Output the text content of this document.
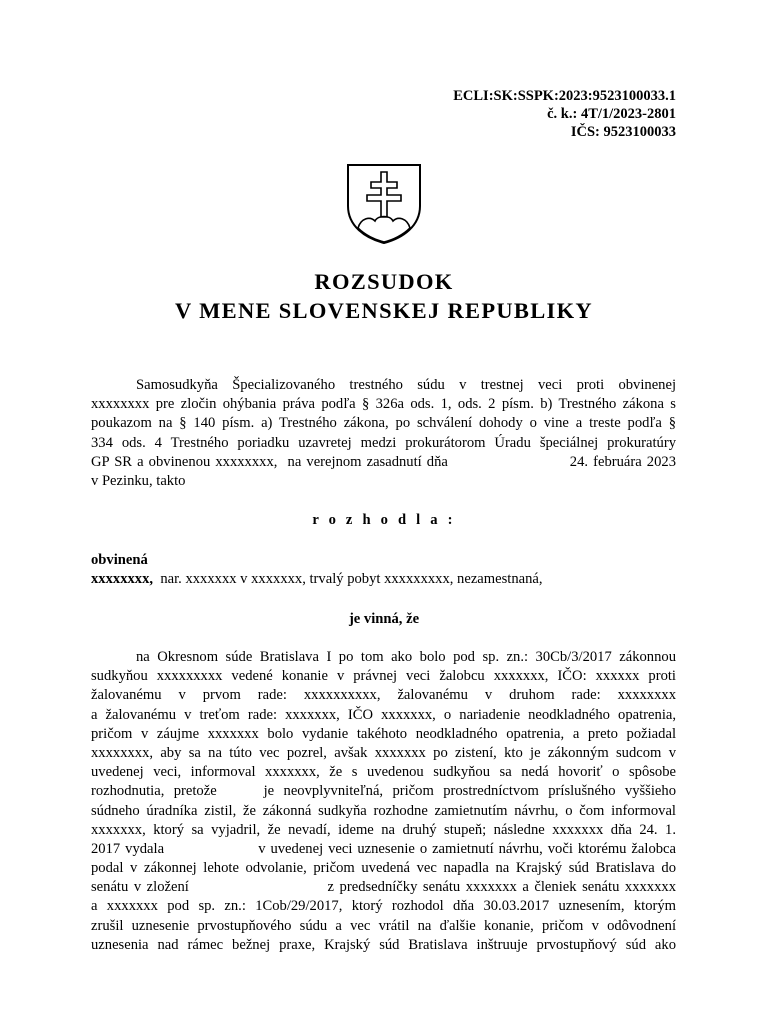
ECLI:SK:SSPK:2023:9523100033.1
č. k.: 4T/1/2023-2801
IČS: 9523100033
ROZSUDOK
V MENE SLOVENSKEJ REPUBLIKY
Samosudkyňa Špecializovaného trestného súdu v trestnej veci proti obvinenej
xxxxxxxx pre zločin ohýbania práva podľa § 326a ods. 1, ods. 2 písm. b) Trestného zákona s
poukazom na § 140 písm. a) Trestného zákona, po schválení dohody o vine a treste podľa §
334 ods. 4 Trestného poriadku uzavretej medzi prokurátorom Úradu špeciálnej prokuratúry
GP SR a obvinenou xxxxxxxx,  na verejnom zasadnutí dňa                        24. februára 2023
v Pezinku, takto
r o z h o d l a :
obvinená
xxxxxxxx,  nar. xxxxxxx v xxxxxxx, trvalý pobyt xxxxxxxxx, nezamestnaná,
je vinná, že
na Okresnom súde Bratislava I po tom ako bolo pod sp. zn.: 30Cb/3/2017 zákonnou
sudkyňou xxxxxxxxx vedené konanie v právnej veci žalobcu xxxxxxx, IČO: xxxxxx proti
žalovanému v prvom rade: xxxxxxxxxx, žalovanému v druhom rade: xxxxxxxx
a žalovanému v treťom rade: xxxxxxx, IČO xxxxxxx, o nariadenie neodkladného opatrenia,
pričom v záujme xxxxxxx bolo vydanie takéhoto neodkladného opatrenia, a preto požiadal
xxxxxxxx, aby sa na túto vec pozrel, avšak xxxxxxx po zistení, kto je zákonným sudcom v
uvedenej veci, informoval xxxxxxx, že s uvedenou sudkyňou sa nedá hovoriť o spôsobe
rozhodnutia, pretože     je neovplyvniteľná, pričom prostredníctvom príslušného vyššieho
súdneho úradníka zistil, že zákonná sudkyňa rozhodne zamietnutím návrhu, o čom informoval
xxxxxxx, ktorý sa vyjadril, že nevadí, ideme na druhý stupeň; následne xxxxxxx dňa 24. 1.
2017 vydala                   v uvedenej veci uznesenie o zamietnutí návrhu, voči ktorému žalobca
podal v zákonnej lehote odvolanie, pričom uvedená vec napadla na Krajský súd Bratislava do
senátu v zložení                         z predsedníčky senátu xxxxxxx a členiek senátu xxxxxxx
a xxxxxxx pod sp. zn.: 1Cob/29/2017, ktorý rozhodol dňa 30.03.2017 uznesením, ktorým
zrušil uznesenie prvostupňového súdu a vec vrátil na ďalšie konanie, pričom v odôvodnení
uznesenia nad rámec bežnej praxe, Krajský súd Bratislava inštruuje prvostupňový súd ako
